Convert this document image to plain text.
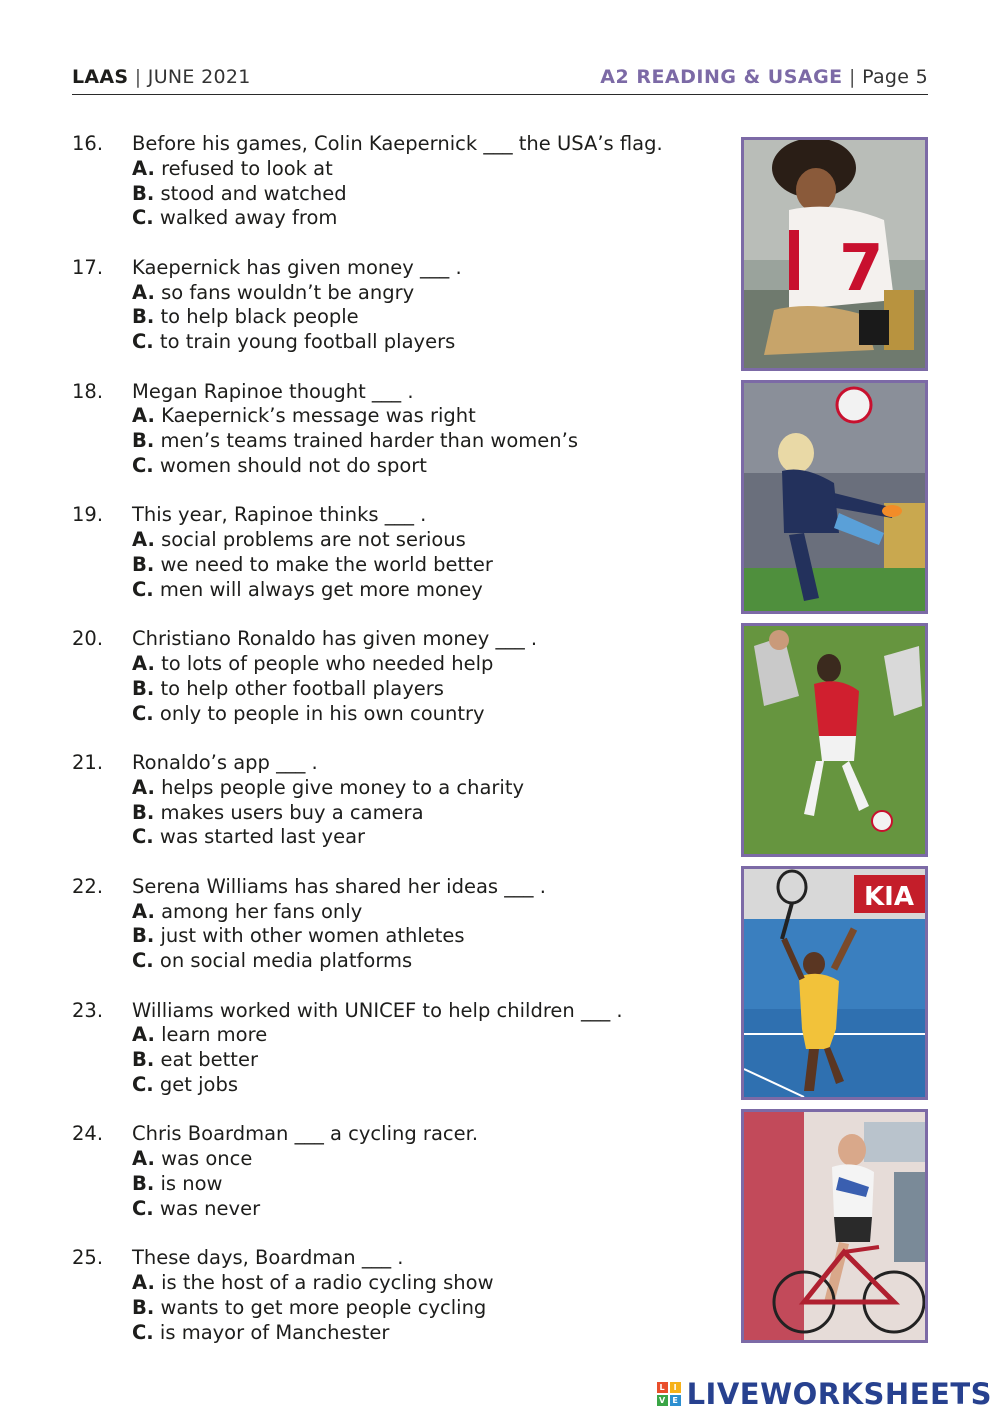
LAAS | JUNE 2021	A2 READING & USAGE | Page 5
16.	Before his games, Colin Kaepernick ___ the USA’s flag.
A. refused to look at
B. stood and watched
C. walked away from
17.	Kaepernick has given money ___ .
A. so fans wouldn’t be angry
B. to help black people
C. to train young football players
18.	Megan Rapinoe thought ___ .
A. Kaepernick’s message was right
B. men’s teams trained harder than women’s
C. women should not do sport
19.	This year, Rapinoe thinks ___ .
A. social problems are not serious
B. we need to make the world better
C. men will always get more money
20.	Christiano Ronaldo has given money ___ .
A. to lots of people who needed help
B. to help other football players
C. only to people in his own country
21.	Ronaldo’s app ___ .
A. helps people give money to a charity
B. makes users buy a camera
C. was started last year
22.	Serena Williams has shared her ideas ___ .
A. among her fans only
B. just with other women athletes
C. on social media platforms
23.	Williams worked with UNICEF to help children ___ .
A. learn more
B. eat better
C. get jobs
24.	Chris Boardman ___ a cycling racer.
A. was once
B. is now
C. was never
25.	These days, Boardman ___ .
A. is the host of a radio cycling show
B. wants to get more people cycling
C. is mayor of Manchester
7
KIA
L	I
V E LIVEWORKSHEETS
